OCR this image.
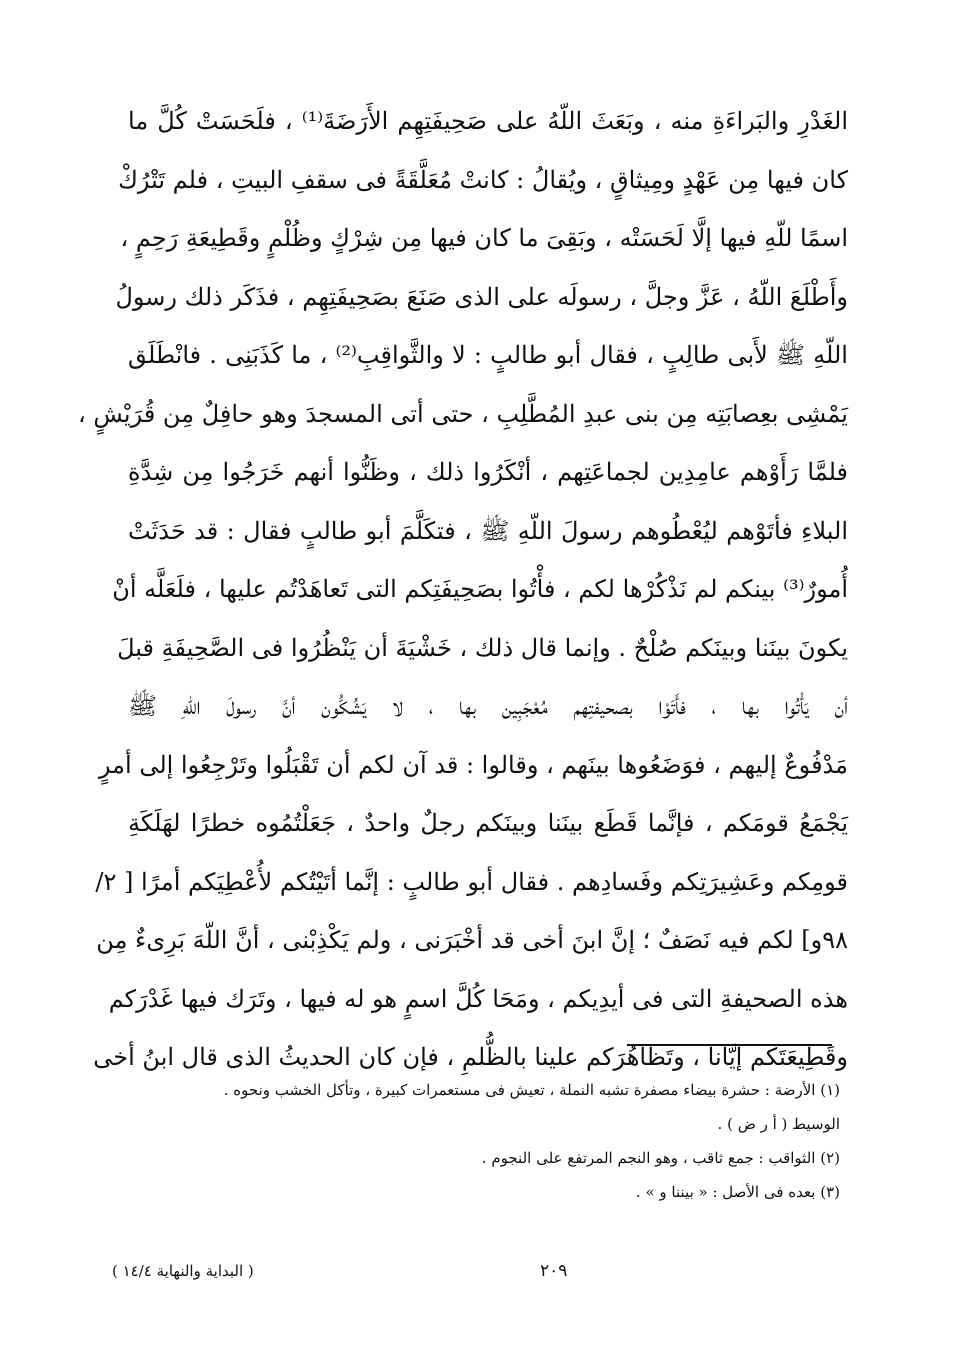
الغَدْرِ والبَراءَةِ منه ، وبَعَثَ اللّهُ على صَحِيفَتِهِم الأَرَضَةَ⁽¹⁾ ، فلَحَسَتْ كُلَّ ما
كان فيها مِن عَهْدٍ ومِيثاقٍ ، ويُقالُ : كانتْ مُعَلَّقَةً فى سقفِ البيتِ ، فلم تَتْرُكْ
اسمًا للّهِ فيها إلَّا لَحَسَتْه ، وبَقِىَ ما كان فيها مِن شِرْكٍ وظُلْمٍ وقَطِيعَةِ رَحِمٍ ،
وأَطْلَعَ اللّهُ ، عَزَّ وجلَّ ، رسولَه على الذى صَنَعَ بصَحِيفَتِهِم ، فذَكَر ذلك رسولُ
اللّهِ ﷺ لأَبى طالِبٍ ، فقال أبو طالبٍ : لا والثَّواقِبِ⁽²⁾ ، ما كَذَبَنِى . فانْطَلَق
يَمْشِى بعِصابَتِه مِن بنى عبدِ المُطَّلِبِ ، حتى أتى المسجدَ وهو حافِلٌ مِن قُرَيْشٍ ،
فلمَّا رَأَوْهم عامِدِين لجماعَتِهم ، أنْكَرُوا ذلك ، وظَنُّوا أنهم خَرَجُوا مِن شِدَّةِ
البلاءِ فأتَوْهم ليُعْطُوهم رسولَ اللّهِ ﷺ ، فتكَلَّمَ أبو طالبٍ فقال : قد حَدَثَتْ
أُمورٌ⁽³⁾ بينكم لم نَذْكُرْها لكم ، فأْتُوا بصَحِيفَتِكم التى تَعاهَدْتُم عليها ، فلَعَلَّه أنْ
يكونَ بينَنا وبينَكم صُلْحٌ . وإنما قال ذلك ، خَشْيَةَ أن يَنْظُرُوا فى الصَّحِيفَةِ قبلَ
أن يَأْتُوا بها ، فأَتَوْا بصحيفتِهم مُعْجَبِين بها ، لا يَشُكُّون أنَّ رسولَ اللّهِ ﷺ
مَدْفُوعٌ إليهم ، فوَضَعُوها بينَهم ، وقالوا : قد آن لكم أن تَقْبَلُوا وتَرْجِعُوا إلى أمرٍ
يَجْمَعُ قومَكم ، فإنَّما قَطَع بينَنا وبينَكم رجلٌ واحدٌ ، جَعَلْتُمُوه خطرًا لهَلَكَةِ
قومِكم وعَشِيرَتِكم وفَسادِهم . فقال أبو طالبٍ : إنَّما أتَيْتُكم لأُعْطِيَكم أمرًا [ ٢/
٩٨و] لكم فيه نَصَفٌ ؛ إنَّ ابنَ أخى قد أخْبَرَنى ، ولم يَكْذِبْنى ، أنَّ اللّهَ بَرِىءٌ مِن
هذه الصحيفةِ التى فى أيدِيكم ، ومَحَا كُلَّ اسمٍ هو له فيها ، وتَرَك فيها غَدْرَكم
وقَطِيعَتَكم إيَّانا ، وتَظاهُرَكم علينا بالظُّلمِ ، فإن كان الحديثُ الذى قال ابنُ أخى
(١) الأرضة : حشرة بيضاء مصفرة تشبه النملة ، تعيش فى مستعمرات كبيرة ، وتأكل الخشب ونحوه .
الوسيط ( أ ر ض ) .
(٢) الثواقب : جمع ثاقب ، وهو النجم المرتفع على النجوم .
(٣) بعده فى الأصل : « بيننا و » .
٢٠٩
( البداية والنهاية ١٤/٤ )
